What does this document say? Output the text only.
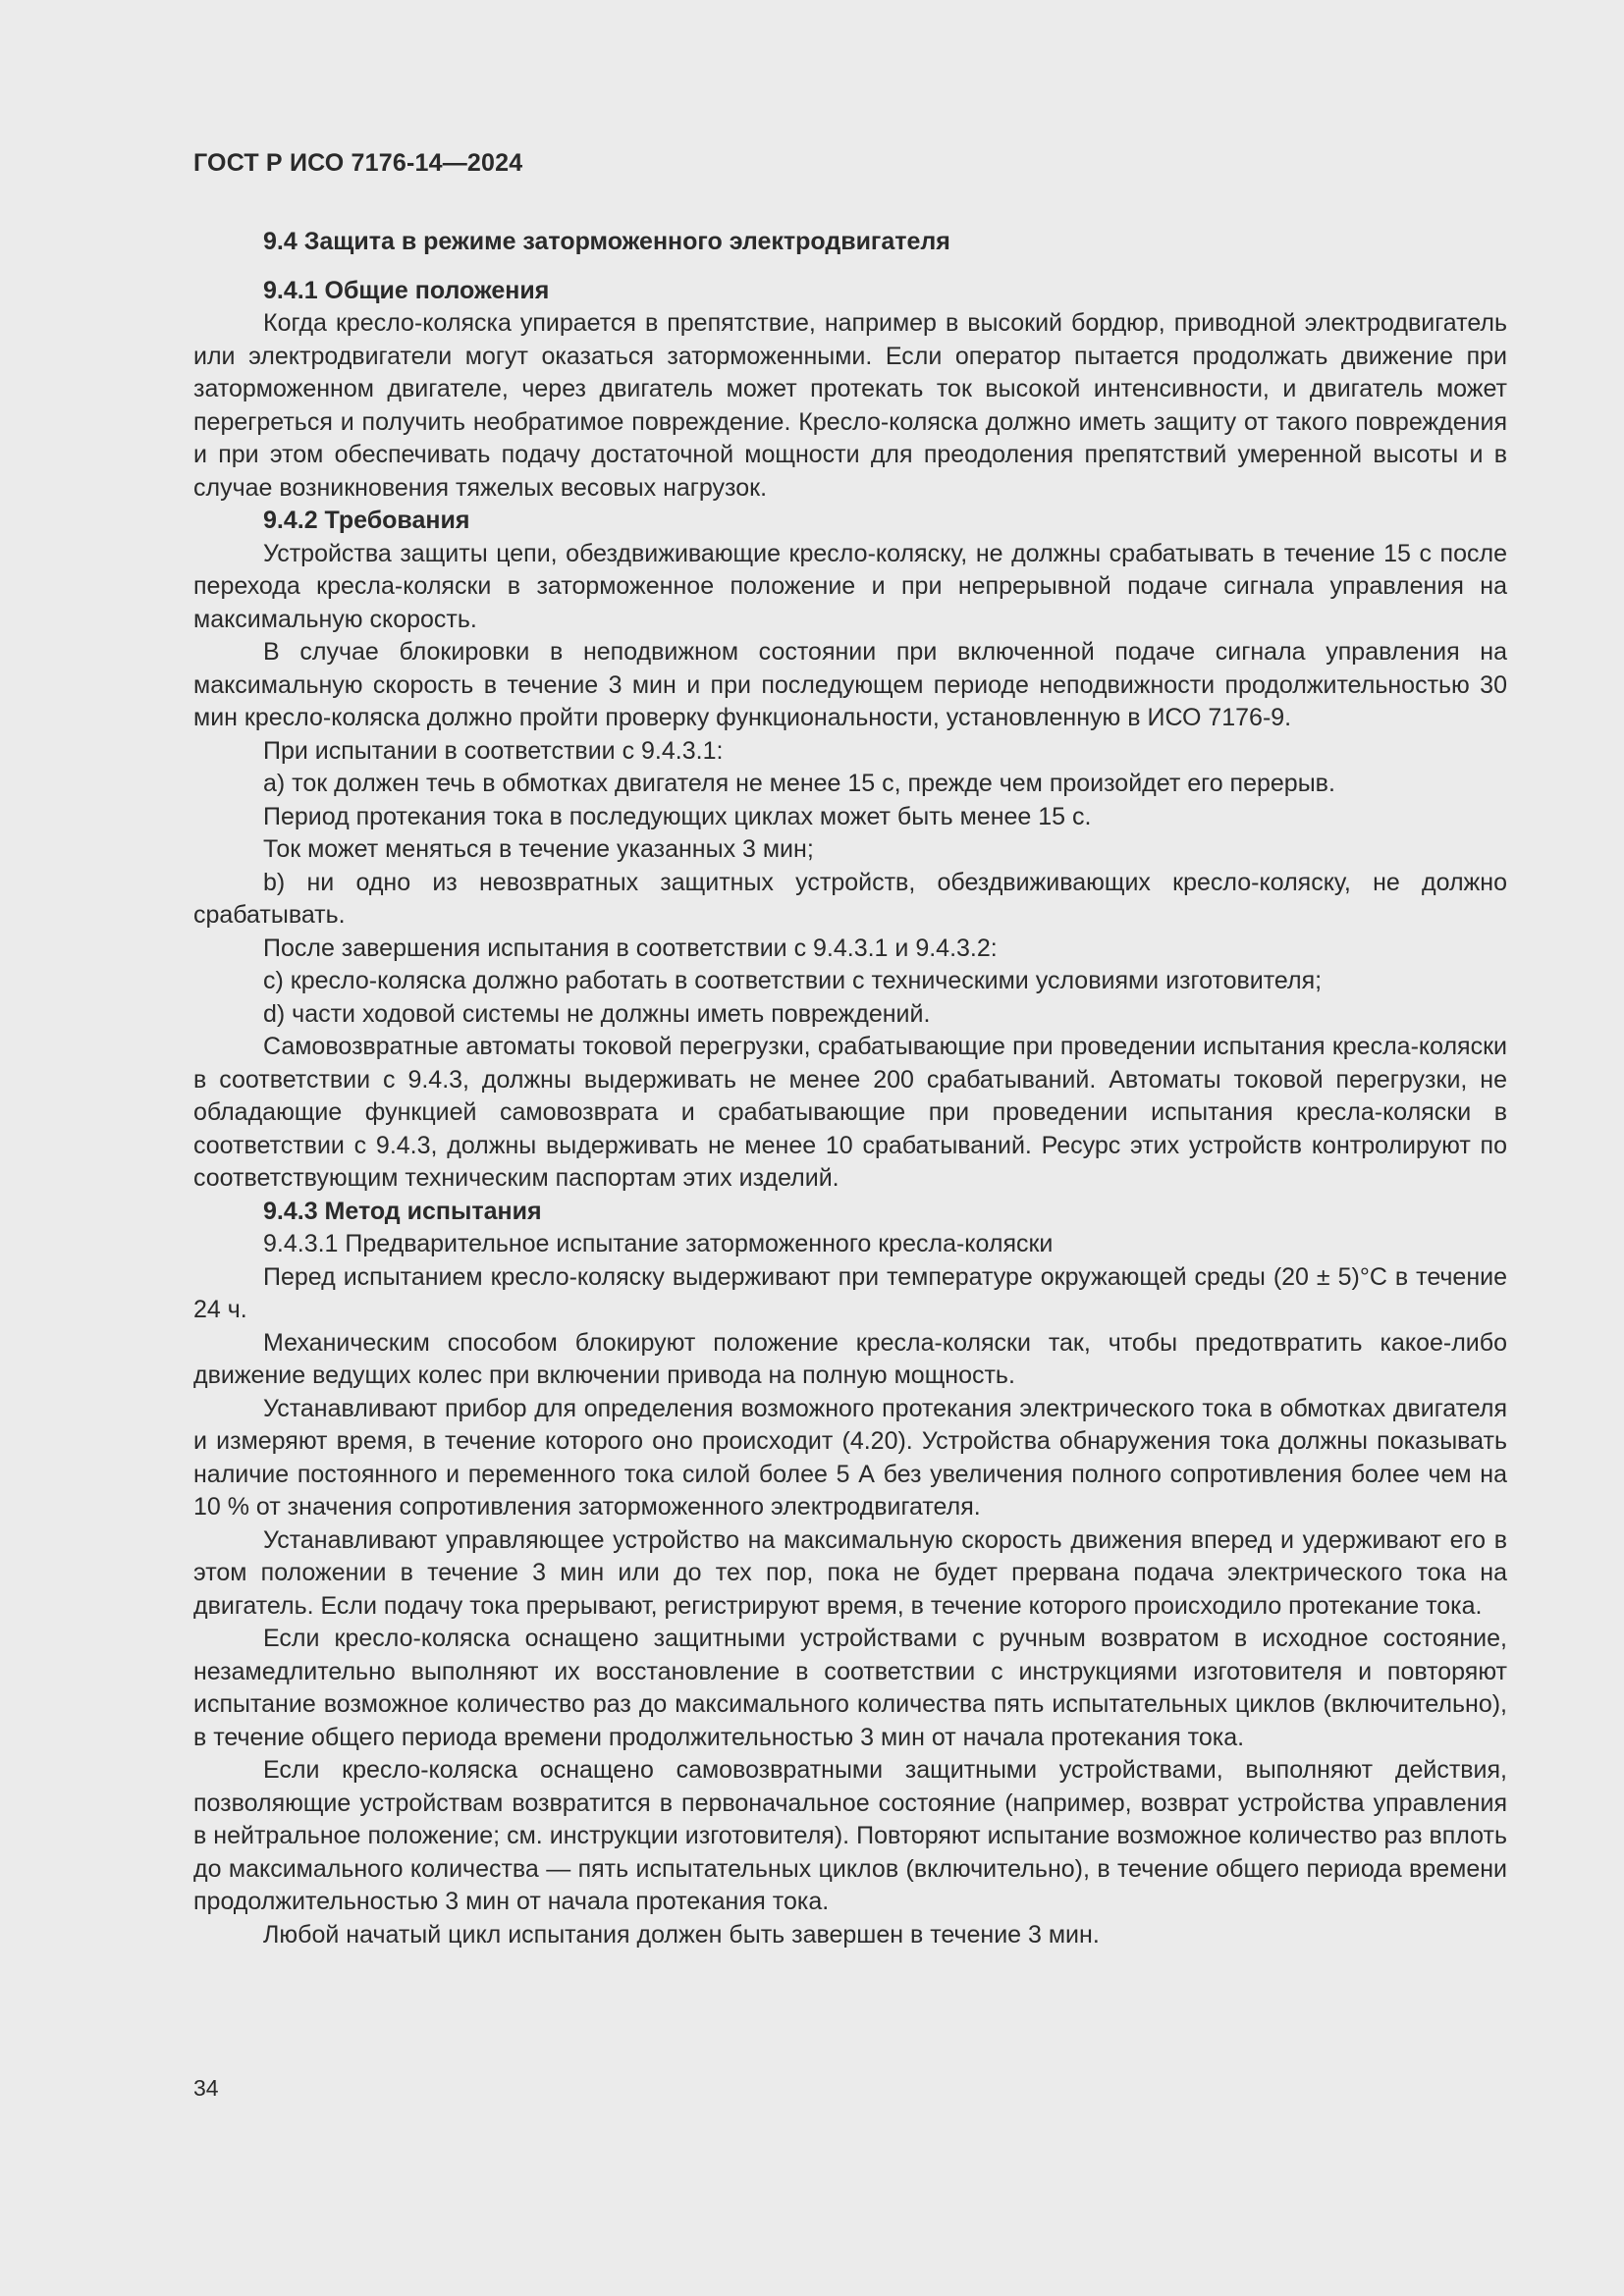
ГОСТ Р ИСО 7176-14—2024

9.4 Защита в режиме заторможенного электродвигателя

9.4.1 Общие положения

Когда кресло-коляска упирается в препятствие, например в высокий бордюр, приводной электродвигатель или электродвигатели могут оказаться заторможенными. Если оператор пытается продолжать движение при заторможенном двигателе, через двигатель может протекать ток высокой интенсивности, и двигатель может перегреться и получить необратимое повреждение. Кресло-коляска должно иметь защиту от такого повреждения и при этом обеспечивать подачу достаточной мощности для преодоления препятствий умеренной высоты и в случае возникновения тяжелых весовых нагрузок.

9.4.2 Требования

Устройства защиты цепи, обездвиживающие кресло-коляску, не должны срабатывать в течение 15 с после перехода кресла-коляски в заторможенное положение и при непрерывной подаче сигнала управления на максимальную скорость.

В случае блокировки в неподвижном состоянии при включенной подаче сигнала управления на максимальную скорость в течение 3 мин и при последующем периоде неподвижности продолжительностью 30 мин кресло-коляска должно пройти проверку функциональности, установленную в ИСО 7176-9.

При испытании в соответствии с 9.4.3.1:

a) ток должен течь в обмотках двигателя не менее 15 с, прежде чем произойдет его перерыв.

Период протекания тока в последующих циклах может быть менее 15 с.

Ток может меняться в течение указанных 3 мин;

b) ни одно из невозвратных защитных устройств, обездвиживающих кресло-коляску, не должно срабатывать.

После завершения испытания в соответствии с 9.4.3.1 и 9.4.3.2:

c) кресло-коляска должно работать в соответствии с техническими условиями изготовителя;

d) части ходовой системы не должны иметь повреждений.

Самовозвратные автоматы токовой перегрузки, срабатывающие при проведении испытания кресла-коляски в соответствии с 9.4.3, должны выдерживать не менее 200 срабатываний. Автоматы токовой перегрузки, не обладающие функцией самовозврата и срабатывающие при проведении испытания кресла-коляски в соответствии с 9.4.3, должны выдерживать не менее 10 срабатываний. Ресурс этих устройств контролируют по соответствующим техническим паспортам этих изделий.

9.4.3 Метод испытания

9.4.3.1 Предварительное испытание заторможенного кресла-коляски

Перед испытанием кресло-коляску выдерживают при температуре окружающей среды (20 ± 5)°С в течение 24 ч.

Механическим способом блокируют положение кресла-коляски так, чтобы предотвратить какое-либо движение ведущих колес при включении привода на полную мощность.

Устанавливают прибор для определения возможного протекания электрического тока в обмотках двигателя и измеряют время, в течение которого оно происходит (4.20). Устройства обнаружения тока должны показывать наличие постоянного и переменного тока силой более 5 А без увеличения полного сопротивления более чем на 10 % от значения сопротивления заторможенного электродвигателя.

Устанавливают управляющее устройство на максимальную скорость движения вперед и удерживают его в этом положении в течение 3 мин или до тех пор, пока не будет прервана подача электрического тока на двигатель. Если подачу тока прерывают, регистрируют время, в течение которого происходило протекание тока.

Если кресло-коляска оснащено защитными устройствами с ручным возвратом в исходное состояние, незамедлительно выполняют их восстановление в соответствии с инструкциями изготовителя и повторяют испытание возможное количество раз до максимального количества пять испытательных циклов (включительно), в течение общего периода времени продолжительностью 3 мин от начала протекания тока.

Если кресло-коляска оснащено самовозвратными защитными устройствами, выполняют действия, позволяющие устройствам возвратится в первоначальное состояние (например, возврат устройства управления в нейтральное положение; см. инструкции изготовителя). Повторяют испытание возможное количество раз вплоть до максимального количества — пять испытательных циклов (включительно), в течение общего периода времени продолжительностью 3 мин от начала протекания тока.

Любой начатый цикл испытания должен быть завершен в течение 3 мин.

34
